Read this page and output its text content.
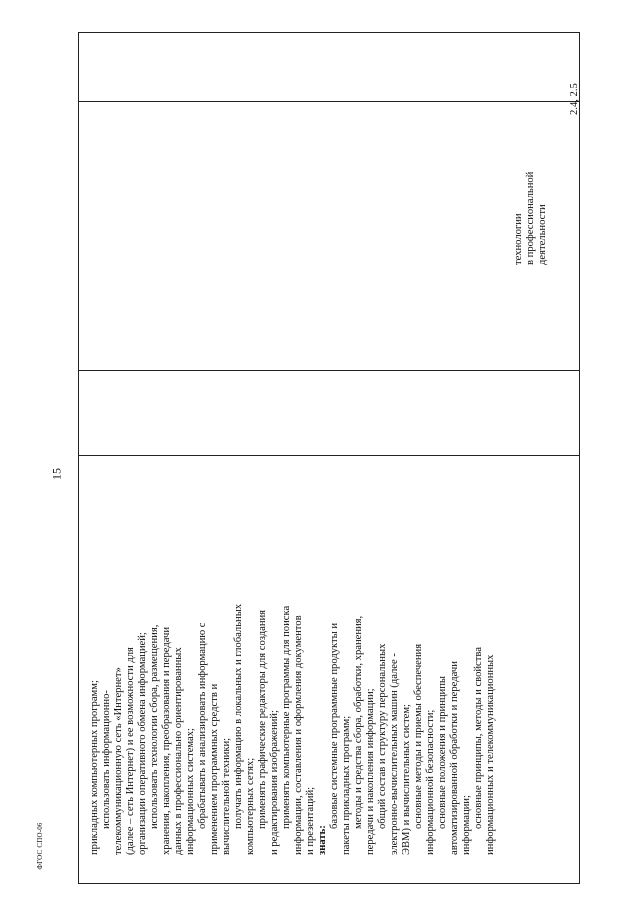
15
ФГОС СПО-06	прикладных компьютерных программ; использовать информационно- телекоммуникационную сеть «Интернет» (далее – сеть Интернет) и ее возможности для организации оперативного обмена информацией; использовать технологии сбора, размещения, хранения, накопления, преобразования и передачи данных в профессионально ориентированных информационных системах; обрабатывать и анализировать информацию с применением программных средств и вычислительной техники; получать информацию в локальных и глобальных компьютерных сетях; применять графические редакторы для создания и редактирования изображений; применять компьютерные программы для поиска информации, составления и оформления документов и презентаций; знать:
базовые системные программные продукты и пакеты прикладных программ; методы и средства сбора, обработки, хранения, передачи и накопления информации; общий состав и структуру персональных электронно-вычислительных машин (далее - ЭВМ) и вычислительных систем; основные методы и приемы обеспечения информационной безопасности; основные положения и принципы автоматизированной обработки и передачи информации; основные принципы, методы и свойства информационных и телекоммуникационных
технологии в профессиональной деятельности
2.4, 2.5
